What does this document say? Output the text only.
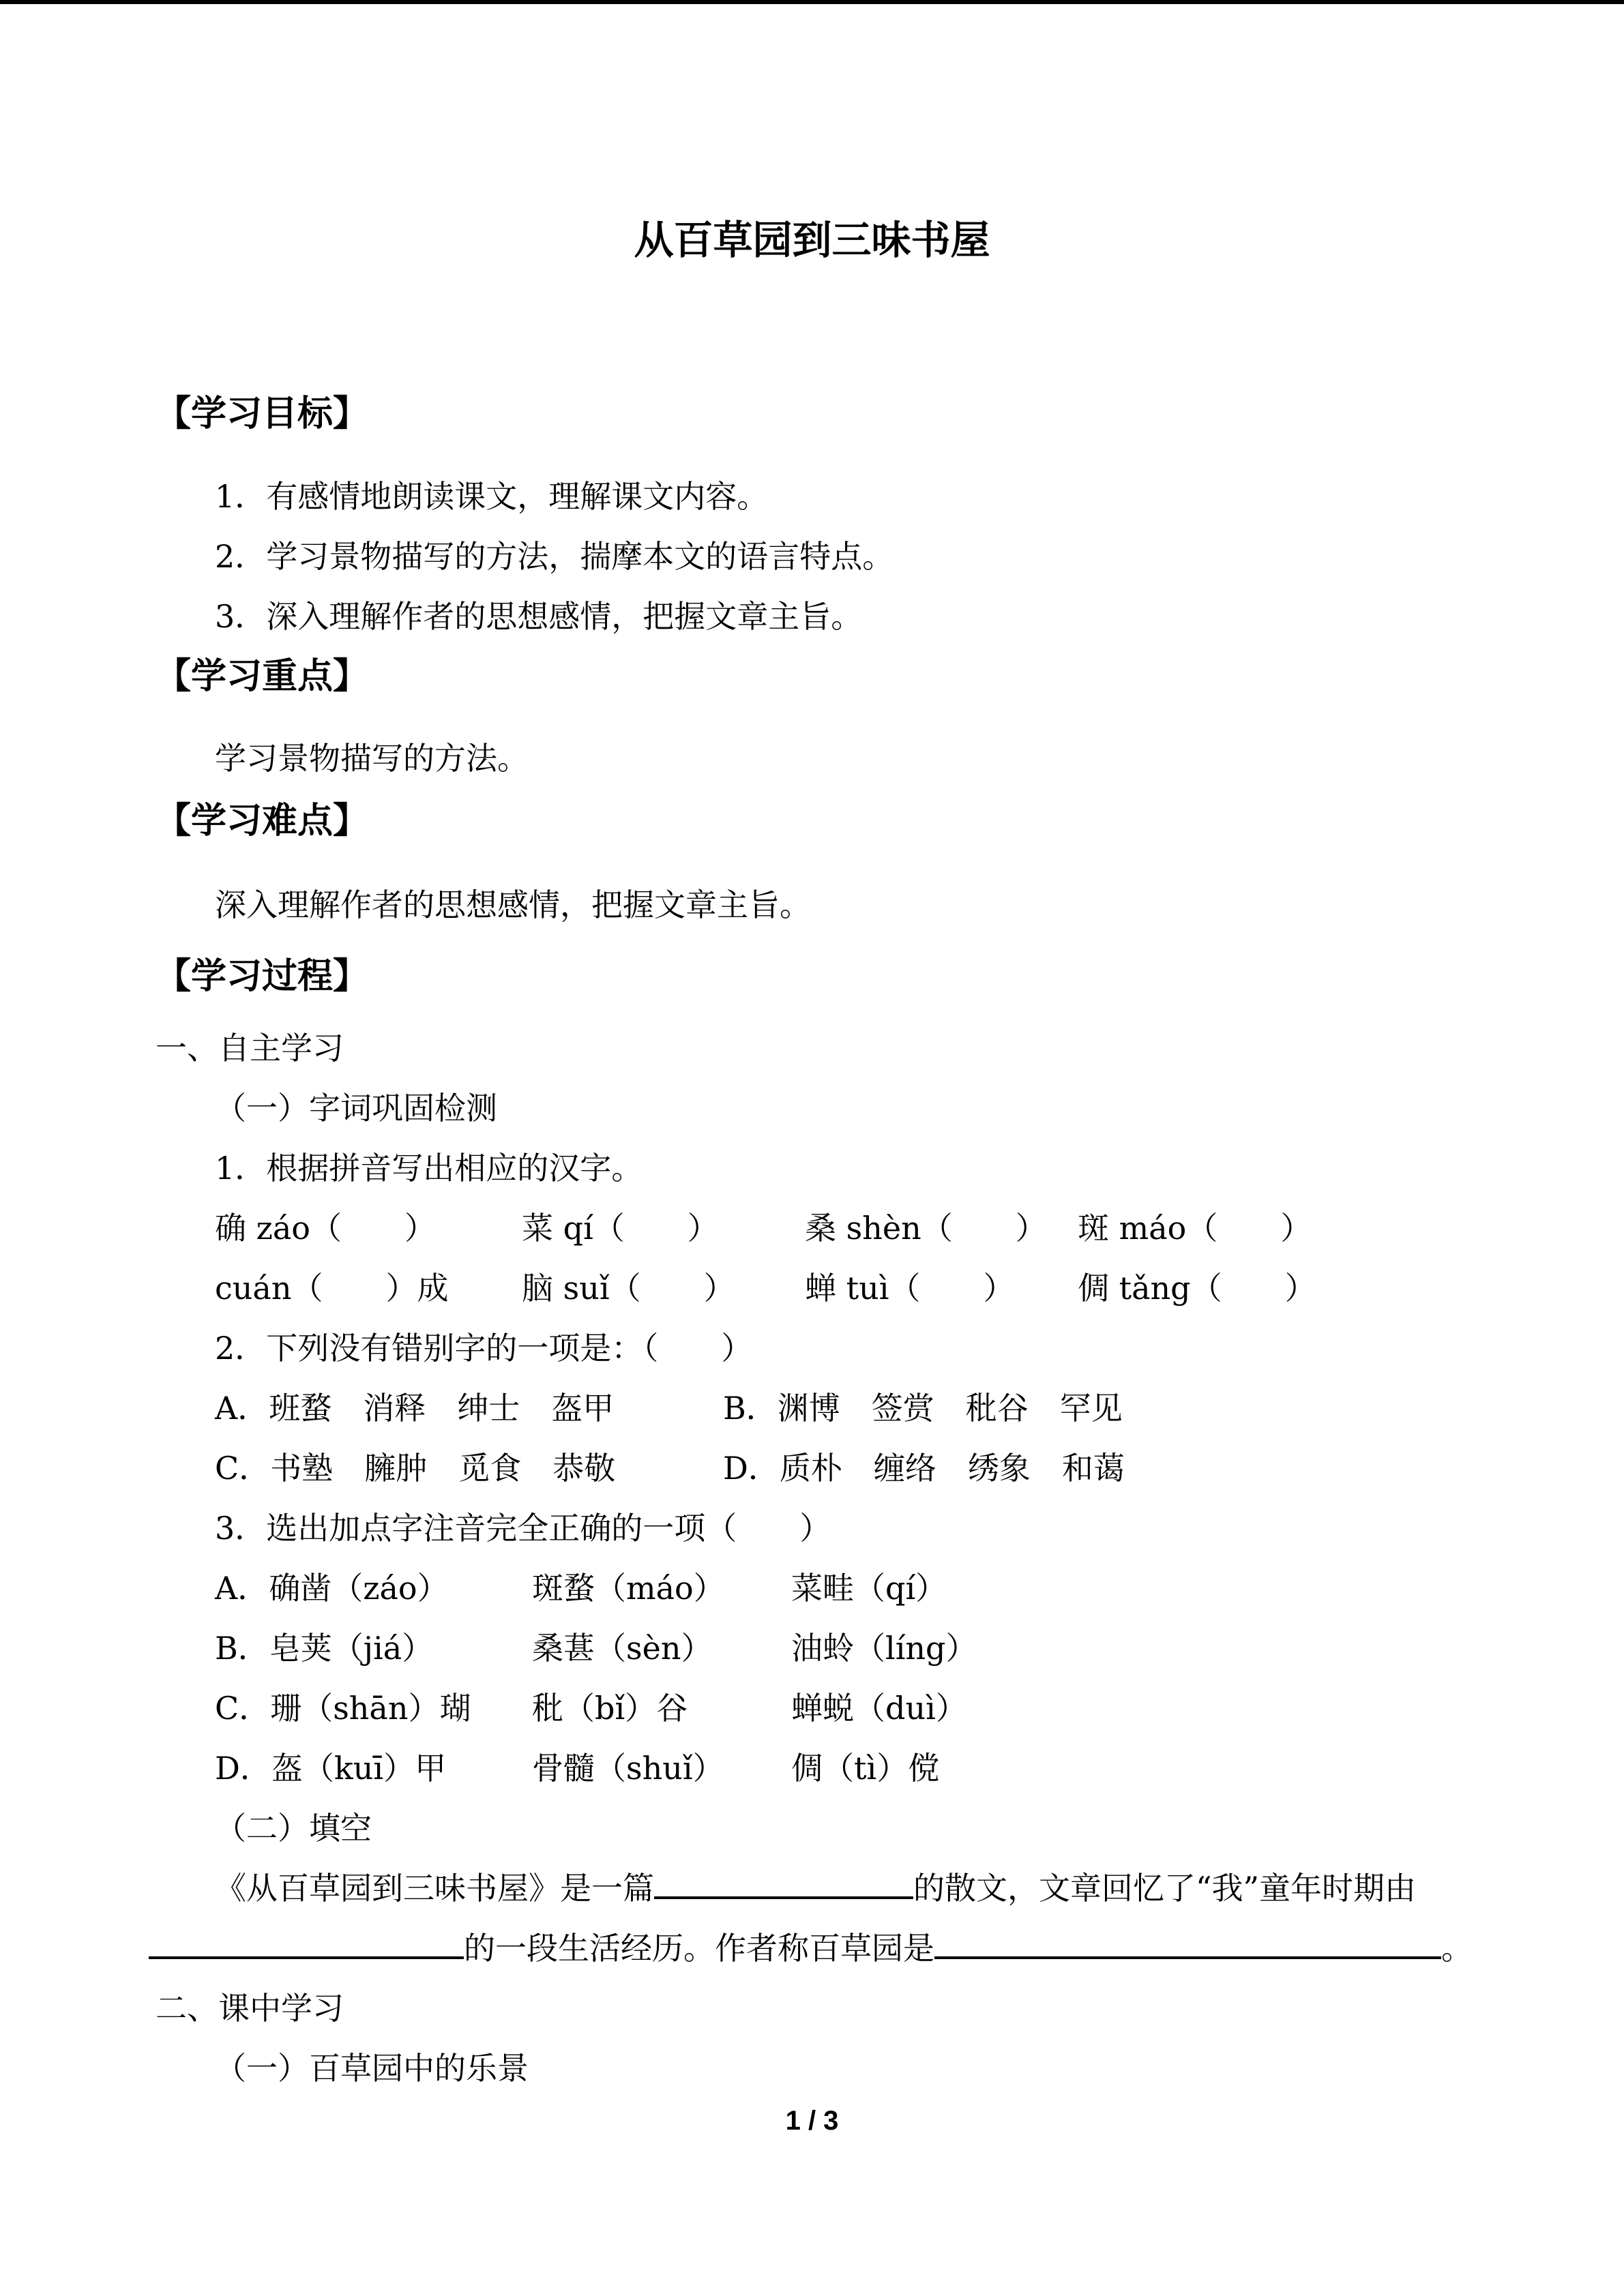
从百草园到三味书屋
【学习目标】
1．有感情地朗读课文，理解课文内容。
2．学习景物描写的方法，揣摩本文的语言特点。
3．深入理解作者的思想感情，把握文章主旨。
【学习重点】
学习景物描写的方法。
【学习难点】
深入理解作者的思想感情，把握文章主旨。
【学习过程】
一、自主学习
（一）字词巩固检测
1．根据拼音写出相应的汉字。
确 záo（　　）	菜 qí（　　）	桑 shèn（　　） 斑 máo（　　）
cuán（　　）成	脑 suǐ（　　）	蝉 tuì（　　）	倜 tǎng（　　）
2．下列没有错别字的一项是：（　　）
A．班蝥　消释　绅士　盔甲	B．渊博　签赏　秕谷　罕见
C．书塾　臃肿　觅食　恭敬	D．质朴　缠络　绣象　和蔼
3．选出加点字注音完全正确的一项（　　）
A．确凿（záo）	斑蝥（máo）	菜畦（qí）
B．皂荚（jiá）	桑葚（sèn）	油蛉（líng）
C．珊（shān）瑚	秕（bǐ）谷	蝉蜕（duì）
D．盔（kuī）甲	骨髓（shuǐ）	倜（tì）傥
（二）填空
《从百草园到三味书屋》是一篇	的散文，文章回忆了“我”童年时期由
的一段生活经历。作者称百草园是	。
二、课中学习
（一）百草园中的乐景
1 / 3
